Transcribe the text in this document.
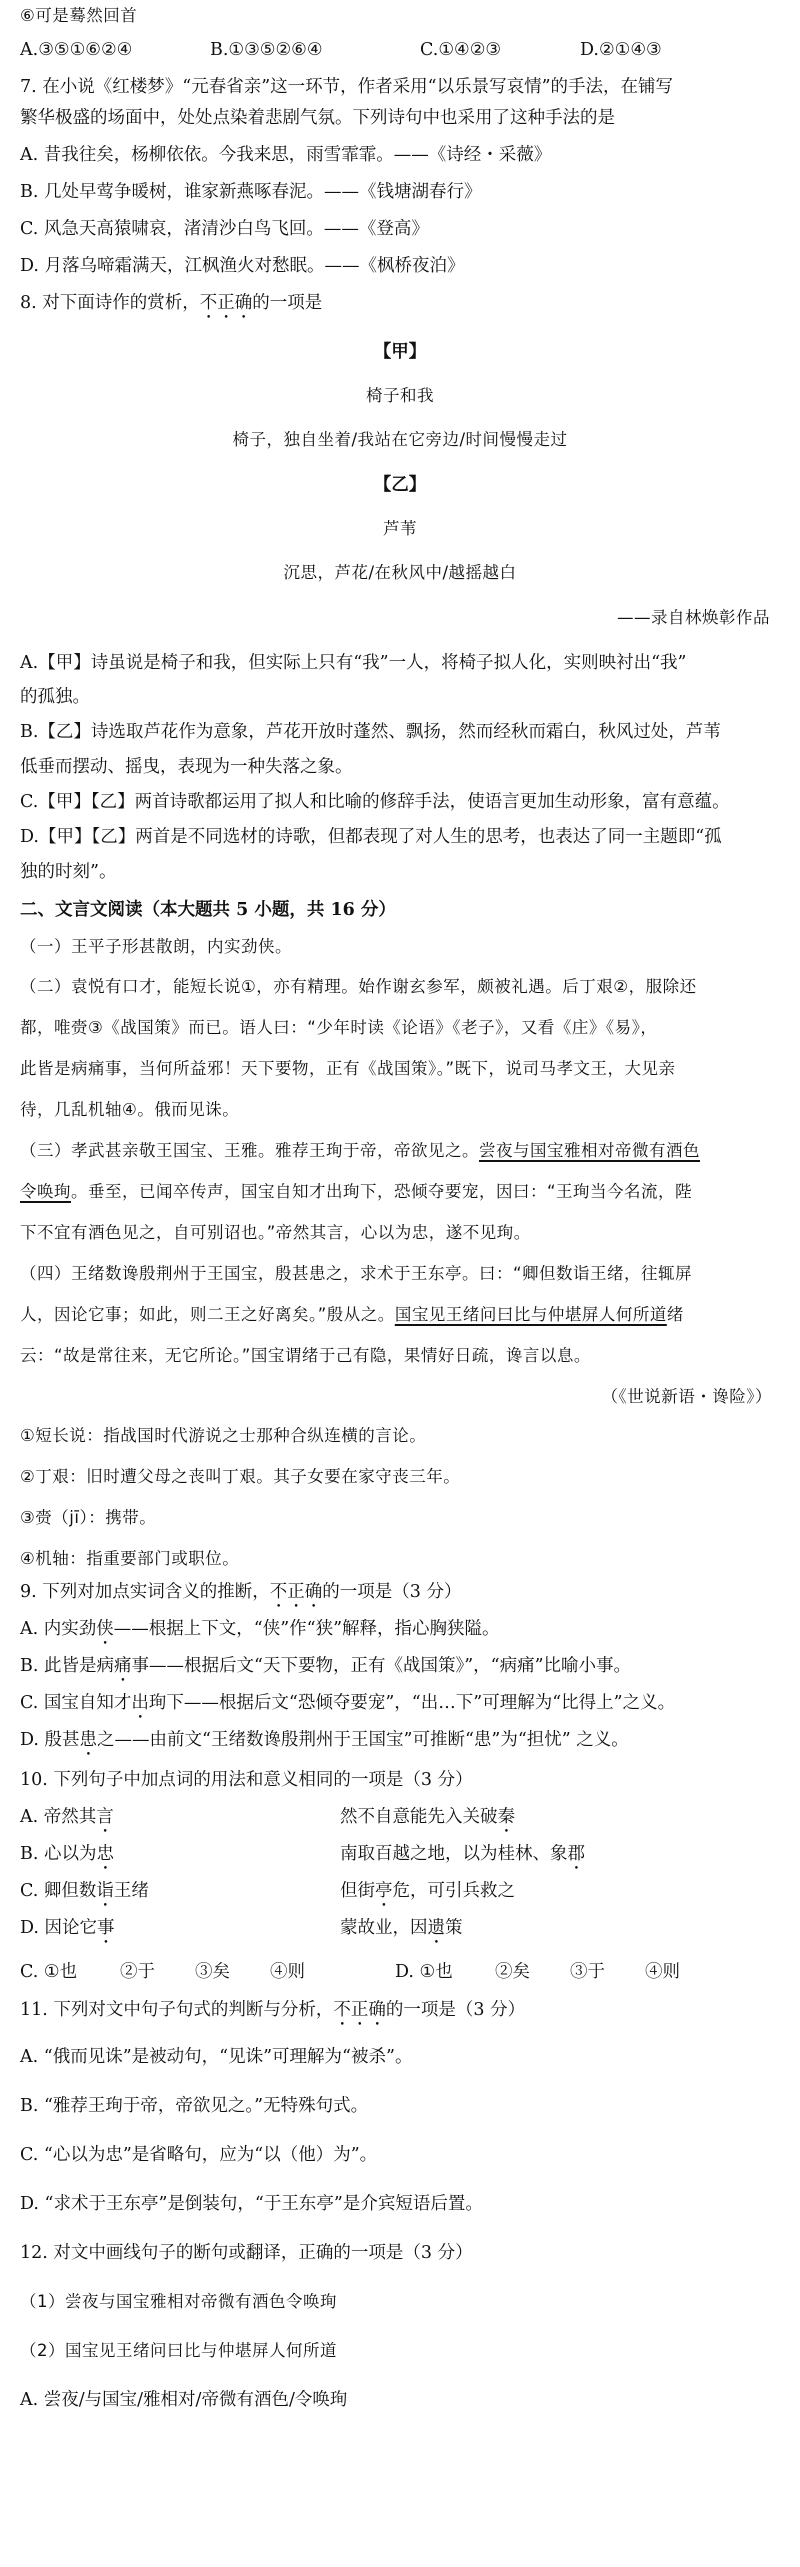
⑥可是蓦然回首
A.③⑤①⑥②④	B.①③⑤②⑥④	C.①④②③	D.②①④③
7. 在小说《红楼梦》“元春省亲”这一环节，作者采用“以乐景写哀情”的手法，在铺写
繁华极盛的场面中，处处点染着悲剧气氛。下列诗句中也采用了这种手法的是
A. 昔我往矣，杨柳依依。今我来思，雨雪霏霏。——《诗经・采薇》
B. 几处早莺争暖树，谁家新燕啄春泥。——《钱塘湖春行》
C. 风急天高猿啸哀，渚清沙白鸟飞回。——《登高》
D. 月落乌啼霜满天，江枫渔火对愁眠。——《枫桥夜泊》
8. 对下面诗作的赏析，不正确的一项是
【甲】
椅子和我
椅子，独自坐着/我站在它旁边/时间慢慢走过
【乙】
芦苇
沉思，芦花/在秋风中/越摇越白
——录自林焕彰作品
A.【甲】诗虽说是椅子和我，但实际上只有“我”一人，将椅子拟人化，实则映衬出“我”
的孤独。
B.【乙】诗选取芦花作为意象，芦花开放时蓬然、飘扬，然而经秋而霜白，秋风过处，芦苇
低垂而摆动、摇曳，表现为一种失落之象。
C.【甲】【乙】两首诗歌都运用了拟人和比喻的修辞手法，使语言更加生动形象，富有意蕴。
D.【甲】【乙】两首是不同选材的诗歌，但都表现了对人生的思考，也表达了同一主题即“孤
独的时刻”。
二、文言文阅读（本大题共 5 小题，共 16 分）
（一）王平子形甚散朗，内实劲侠。
（二）袁悦有口才，能短长说①，亦有精理。始作谢玄参军，颇被礼遇。后丁艰②，服除还
都，唯赍③《战国策》而已。语人曰：“少年时读《论语》《老子》，又看《庄》《易》，
此皆是病痛事，当何所益邪！天下要物，正有《战国策》。”既下，说司马孝文王，大见亲
待，几乱机轴④。俄而见诛。
（三）孝武甚亲敬王国宝、王雅。雅荐王珣于帝，帝欲见之。尝夜与国宝雅相对帝微有酒色
令唤珣。垂至，已闻卒传声，国宝自知才出珣下，恐倾夺要宠，因曰：“王珣当今名流，陛
下不宜有酒色见之，自可别诏也。”帝然其言，心以为忠，遂不见珣。
（四）王绪数谗殷荆州于王国宝，殷甚患之，求术于王东亭。曰：“卿但数诣王绪，往辄屏
人，因论它事；如此，则二王之好离矣。”殷从之。国宝见王绪问曰比与仲堪屏人何所道绪
云：“故是常往来，无它所论。”国宝谓绪于己有隐，果情好日疏，谗言以息。
（《世说新语・谗险》）
①短长说：指战国时代游说之士那种合纵连横的言论。
②丁艰：旧时遭父母之丧叫丁艰。其子女要在家守丧三年。
③赍（jī）：携带。
④机轴：指重要部门或职位。
9. 下列对加点实词含义的推断，不正确的一项是（3 分）
A. 内实劲侠——根据上下文，“侠”作“狭”解释，指心胸狭隘。
B. 此皆是病痛事——根据后文“天下要物，正有《战国策》”，“病痛”比喻小事。
C. 国宝自知才出珣下——根据后文“恐倾夺要宠”，“出…下”可理解为“比得上”之义。
D. 殷甚患之——由前文“王绪数谗殷荆州于王国宝”可推断“患”为“担忧” 之义。
10. 下列句子中加点词的用法和意义相同的一项是（3 分）
A. 帝然其言	然不自意能先入关破秦
B. 心以为忠	南取百越之地，以为桂林、象郡
C. 卿但数诣王绪	但街亭危，可引兵救之
D. 因论它事	蒙故业，因遗策
C. ①也 ②于 ③矣 ④则	D. ①也 ②矣 ③于 ④则
11. 下列对文中句子句式的判断与分析，不正确的一项是（3 分）
A. “俄而见诛”是被动句，“见诛”可理解为“被杀”。
B. “雅荐王珣于帝，帝欲见之。”无特殊句式。
C. “心以为忠”是省略句，应为“以（他）为”。
D. “求术于王东亭”是倒装句，“于王东亭”是介宾短语后置。
12. 对文中画线句子的断句或翻译，正确的一项是（3 分）
（1）尝夜与国宝雅相对帝微有酒色令唤珣
（2）国宝见王绪问曰比与仲堪屏人何所道
A. 尝夜/与国宝/雅相对/帝微有酒色/令唤珣
